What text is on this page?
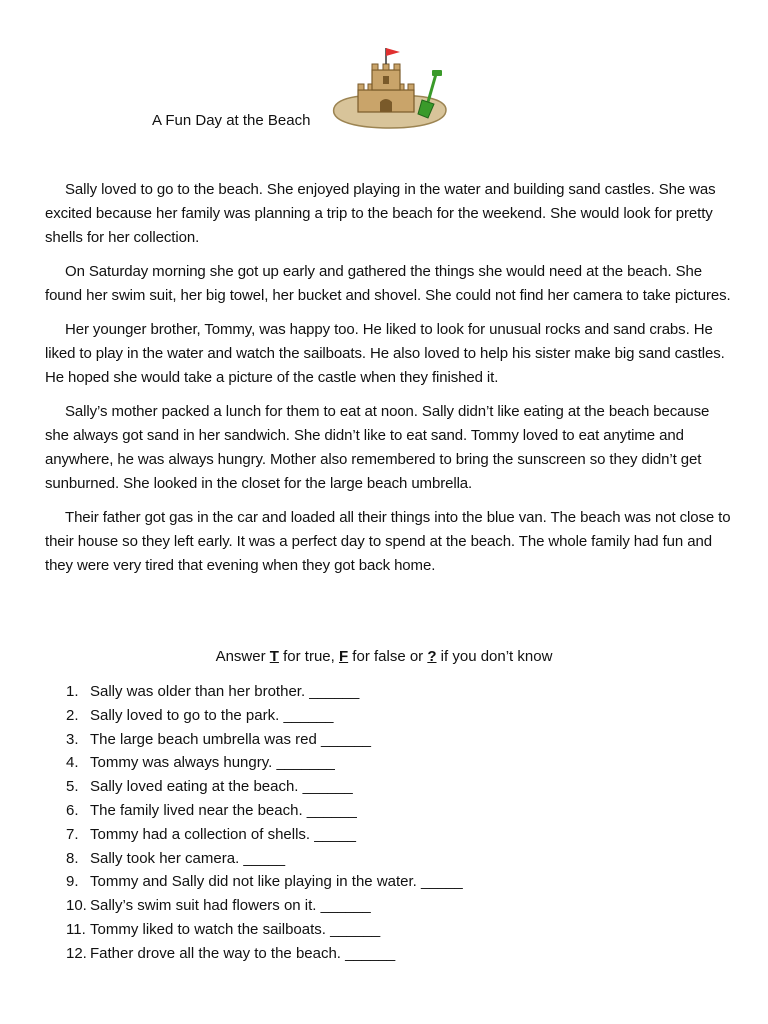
A Fun Day at the Beach

Sally loved to go to the beach. She enjoyed playing in the water and building sand castles. She was excited because her family was planning a trip to the beach for the weekend. She would look for pretty shells for her collection.

On Saturday morning she got up early and gathered the things she would need at the beach. She found her swim suit, her big towel, her bucket and shovel. She could not find her camera to take pictures.

Her younger brother, Tommy, was happy too. He liked to look for unusual rocks and sand crabs. He liked to play in the water and watch the sailboats. He also loved to help his sister make big sand castles. He hoped she would take a picture of the castle when they finished it.

Sally’s mother packed a lunch for them to eat at noon. Sally didn’t like eating at the beach because she always got sand in her sandwich. She didn’t like to eat sand. Tommy loved to eat anytime and anywhere, he was always hungry. Mother also remembered to bring the sunscreen so they didn’t get sunburned. She looked in the closet for the large beach umbrella.

Their father got gas in the car and loaded all their things into the blue van. The beach was not close to their house so they left early. It was a perfect day to spend at the beach. The whole family had fun and they were very tired that evening when they got back home.

Answer T for true, F for false or ? if you don’t know
1. Sally was older than her brother. ______
2. Sally loved to go to the park. ______
3. The large beach umbrella was red ______
4. Tommy was always hungry. _______
5. Sally loved eating at the beach. ______
6. The family lived near the beach. ______
7. Tommy had a collection of shells. _____
8. Sally took her camera. _____
9. Tommy and Sally did not like playing in the water. _____
10. Sally’s swim suit had flowers on it. ______
11. Tommy liked to watch the sailboats. ______
12. Father drove all the way to the beach. ______
